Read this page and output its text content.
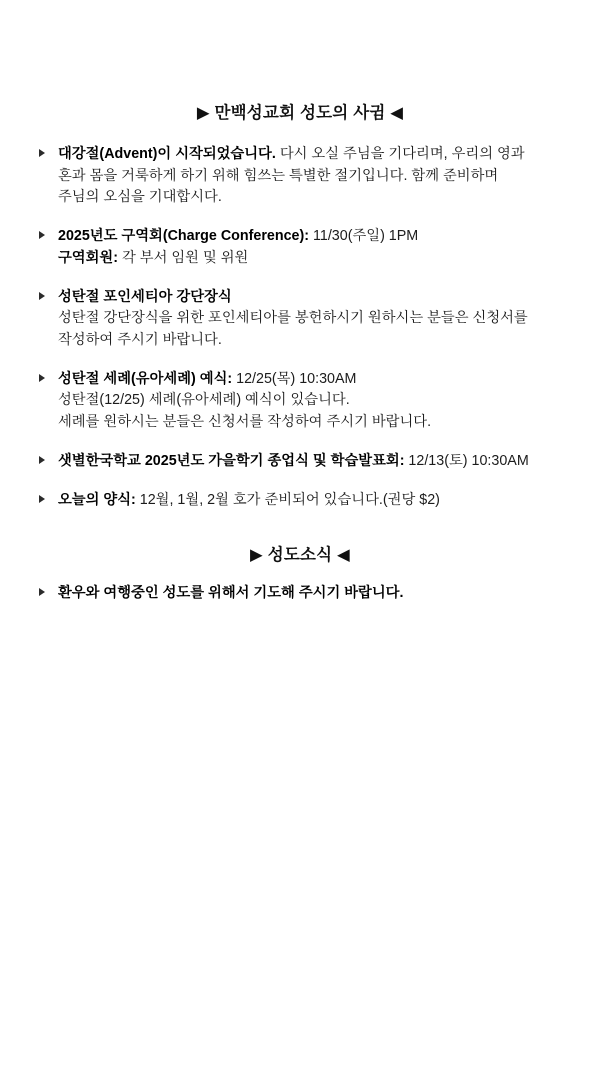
▶ 만백성교회 성도의 사귐 ◀
대강절(Advent)이 시작되었습니다. 다시 오실 주님을 기다리며, 우리의 영과
혼과 몸을 거룩하게 하기 위해 힘쓰는 특별한 절기입니다. 함께 준비하며
주님의 오심을 기대합시다.
2025년도 구역회(Charge Conference): 11/30(주일) 1PM
구역회원: 각 부서 임원 및 위원
성탄절 포인세티아 강단장식
성탄절 강단장식을 위한 포인세티아를 봉헌하시기 원하시는 분들은 신청서를
작성하여 주시기 바랍니다.
성탄절 세례(유아세례) 예식: 12/25(목) 10:30AM
성탄절(12/25) 세례(유아세례) 예식이 있습니다.
세례를 원하시는 분들은 신청서를 작성하여 주시기 바랍니다.
샛별한국학교 2025년도 가을학기 종업식 및 학습발표회: 12/13(토) 10:30AM
오늘의 양식: 12월, 1월, 2월 호가 준비되어 있습니다.(권당 $2)
▶ 성도소식 ◀
환우와 여행중인 성도를 위해서 기도해 주시기 바랍니다.
